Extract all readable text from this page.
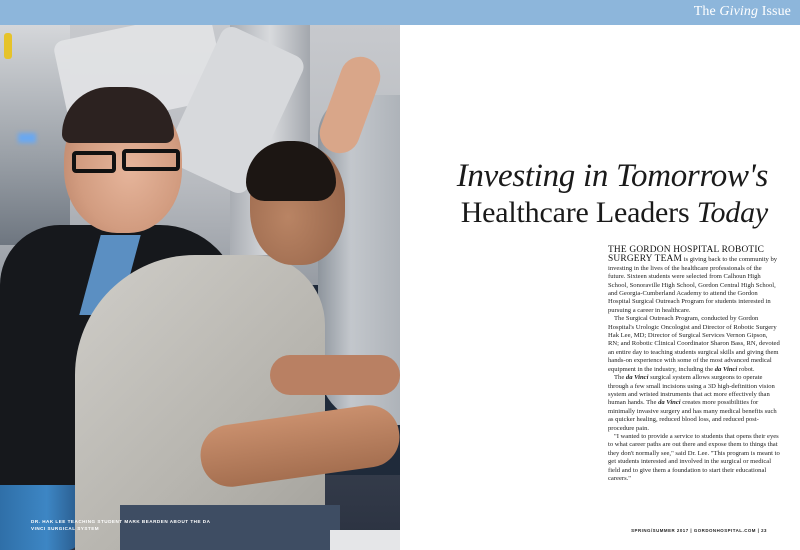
The Giving Issue
DR. HAK LEE TEACHING STUDENT MARK BEARDEN ABOUT THE DA VINCI SURGICAL SYSTEM
Investing in Tomorrow's
Healthcare Leaders Today

THE GORDON HOSPITAL ROBOTIC SURGERY TEAM is giving back to the community by investing in the lives of the healthcare professionals of the future. Sixteen students were selected from Calhoun High School, Sonoraville High School, Gordon Central High School, and Georgia-Cumberland Academy to attend the Gordon Hospital Surgical Outreach Program for students interested in pursuing a career in healthcare.

The Surgical Outreach Program, conducted by Gordon Hospital's Urologic Oncologist and Director of Robotic Surgery Hak Lee, MD; Director of Surgical Services Vernon Gipson, RN; and Robotic Clinical Coordinator Sharon Bass, RN, devoted an entire day to teaching students surgical skills and giving them hands-on experience with some of the most advanced medical equipment in the industry, including the da Vinci robot.

The da Vinci surgical system allows surgeons to operate through a few small incisions using a 3D high-definition vision system and wristed instruments that act more effectively than human hands. The da Vinci creates more possibilities for minimally invasive surgery and has many medical benefits such as quicker healing, reduced blood loss, and reduced post-procedure pain.

"I wanted to provide a service to students that opens their eyes to what career paths are out there and expose them to things that they don't normally see," said Dr. Lee. "This program is meant to get students interested and involved in the surgical or medical field and to give them a foundation to start their educational careers."

SPRING/SUMMER 2017 | GORDONHOSPITAL.COM | 23
